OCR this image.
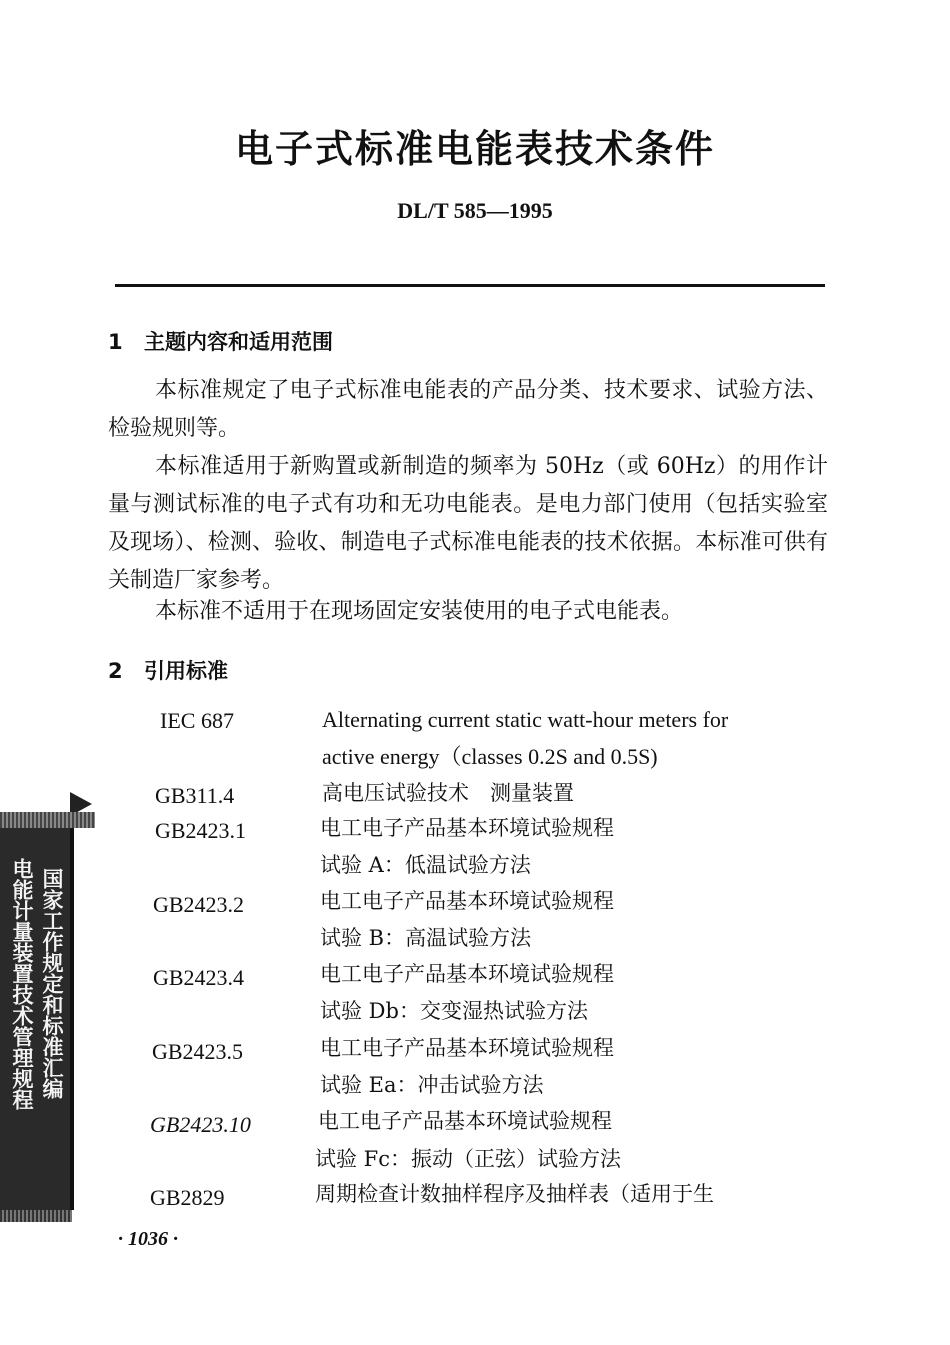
电子式标准电能表技术条件
DL/T 585—1995
1 主题内容和适用范围

本标准规定了电子式标准电能表的产品分类、技术要求、试验方法、检验规则等。

本标准适用于新购置或新制造的频率为 50Hz（或 60Hz）的用作计量与测试标准的电子式有功和无功电能表。是电力部门使用（包括实验室及现场）、检测、验收、制造电子式标准电能表的技术依据。本标准可供有关制造厂家参考。

本标准不适用于在现场固定安装使用的电子式电能表。

2 引用标准
IEC 687	Alternating current static watt-hour meters for
active energy（classes 0.2S and 0.5S)
GB311.4	高电压试验技术　测量装置
GB2423.1	电工电子产品基本环境试验规程
试验 A：低温试验方法
GB2423.2	电工电子产品基本环境试验规程
试验 B：高温试验方法
GB2423.4	电工电子产品基本环境试验规程
试验 Db：交变湿热试验方法
GB2423.5	电工电子产品基本环境试验规程
试验 Ea：冲击试验方法
GB2423.10	电工电子产品基本环境试验规程
试验 Fc：振动（正弦）试验方法
GB2829	周期检查计数抽样程序及抽样表（适用于生
· 1036 ·
电能计量装置技术管理规程 国家工作规定和标准汇编
